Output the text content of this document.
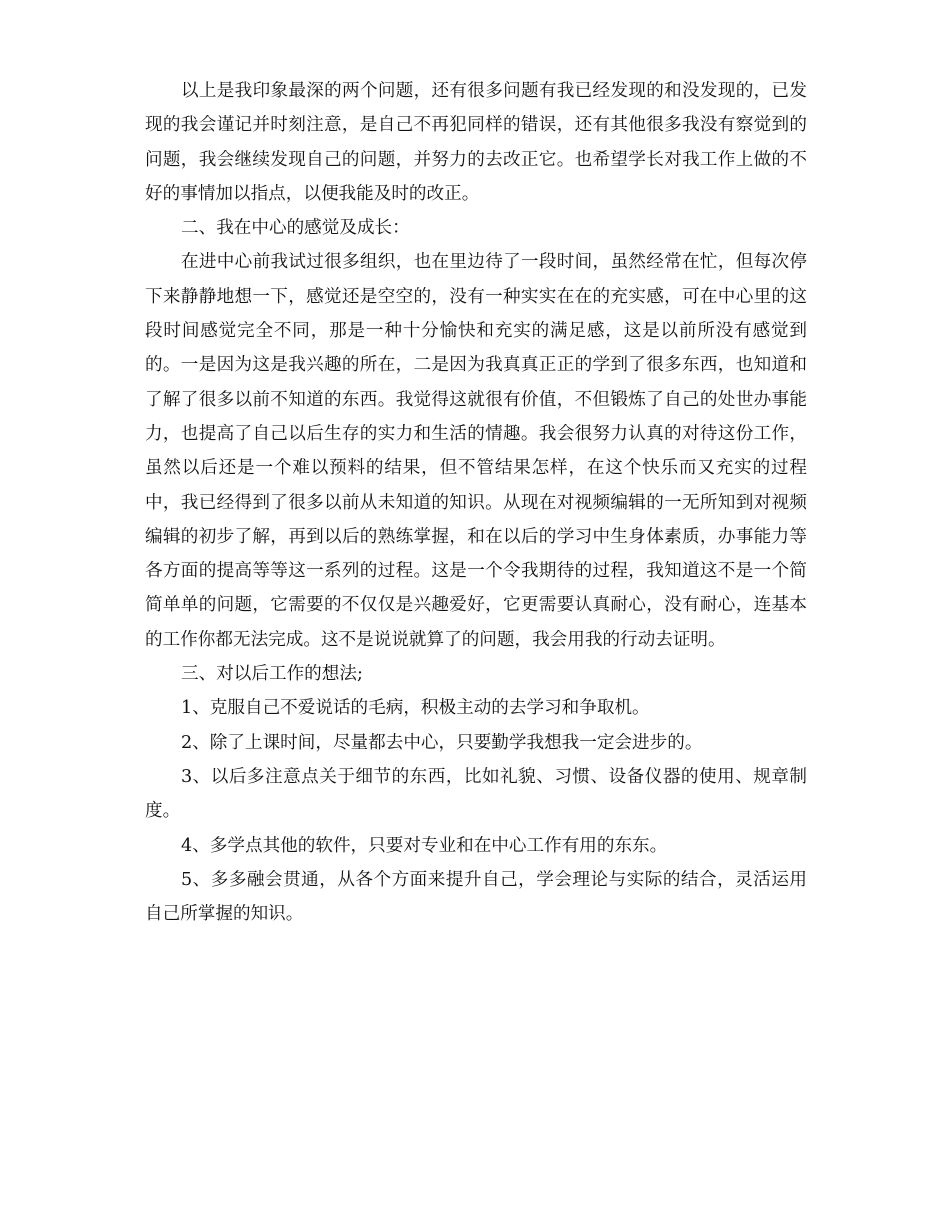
以上是我印象最深的两个问题，还有很多问题有我已经发现的和没发现的，已发现的我会谨记并时刻注意，是自己不再犯同样的错误，还有其他很多我没有察觉到的问题，我会继续发现自己的问题，并努力的去改正它。也希望学长对我工作上做的不好的事情加以指点，以便我能及时的改正。

二、我在中心的感觉及成长：

在进中心前我试过很多组织，也在里边待了一段时间，虽然经常在忙，但每次停下来静静地想一下，感觉还是空空的，没有一种实实在在的充实感，可在中心里的这段时间感觉完全不同，那是一种十分愉快和充实的满足感，这是以前所没有感觉到的。一是因为这是我兴趣的所在，二是因为我真真正正的学到了很多东西，也知道和了解了很多以前不知道的东西。我觉得这就很有价值，不但锻炼了自己的处世办事能力，也提高了自己以后生存的实力和生活的情趣。我会很努力认真的对待这份工作，虽然以后还是一个难以预料的结果，但不管结果怎样，在这个快乐而又充实的过程中，我已经得到了很多以前从未知道的知识。从现在对视频编辑的一无所知到对视频编辑的初步了解，再到以后的熟练掌握，和在以后的学习中生身体素质，办事能力等各方面的提高等等这一系列的过程。这是一个令我期待的过程，我知道这不是一个简简单单的问题，它需要的不仅仅是兴趣爱好，它更需要认真耐心，没有耐心，连基本的工作你都无法完成。这不是说说就算了的问题，我会用我的行动去证明。

三、对以后工作的想法;

1、克服自己不爱说话的毛病，积极主动的去学习和争取机。

2、除了上课时间，尽量都去中心，只要勤学我想我一定会进步的。

3、以后多注意点关于细节的东西，比如礼貌、习惯、设备仪器的使用、规章制度。

4、多学点其他的软件，只要对专业和在中心工作有用的东东。

5、多多融会贯通，从各个方面来提升自己，学会理论与实际的结合，灵活运用自己所掌握的知识。
